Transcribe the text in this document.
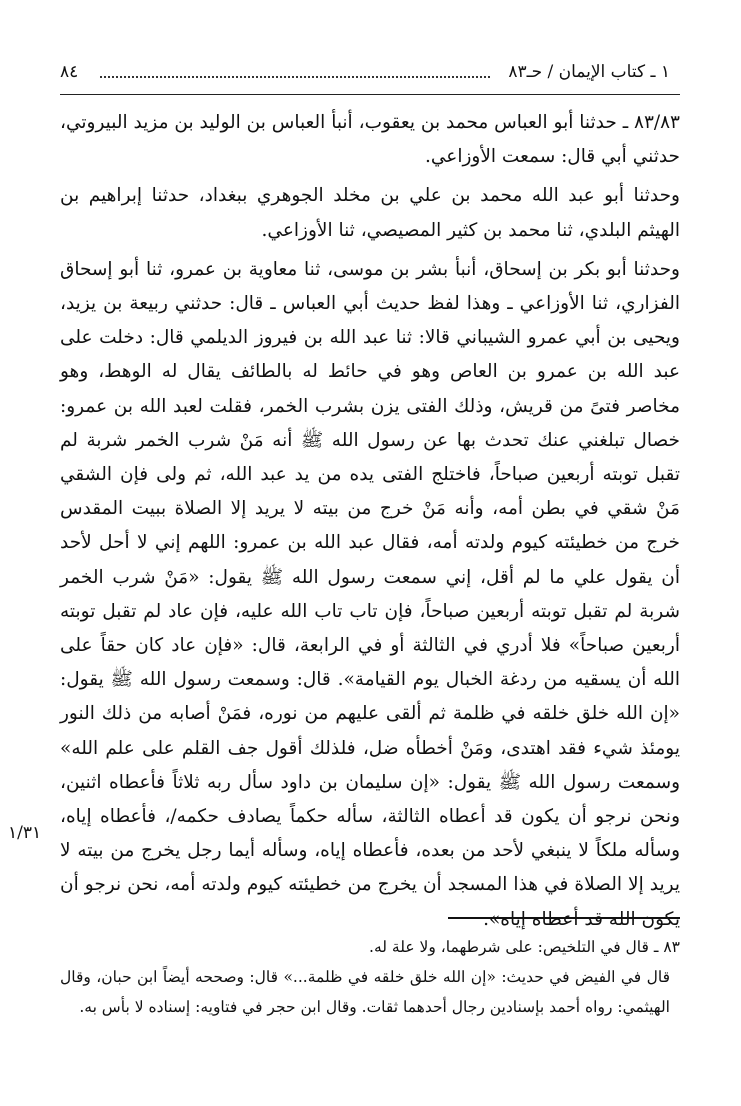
١ ـ كتاب الإيمان / حـ٨٣
٨٤

٨٣/٨٣ ـ حدثنا أبو العباس محمد بن يعقوب، أنبأ العباس بن الوليد بن مزيد البيروتي، حدثني أبي قال: سمعت الأوزاعي.

وحدثنا أبو عبد الله محمد بن علي بن مخلد الجوهري ببغداد، حدثنا إبراهيم بن الهيثم البلدي، ثنا محمد بن كثير المصيصي، ثنا الأوزاعي.

وحدثنا أبو بكر بن إسحاق، أنبأ بشر بن موسى، ثنا معاوية بن عمرو، ثنا أبو إسحاق الفزاري، ثنا الأوزاعي ـ وهذا لفظ حديث أبي العباس ـ قال: حدثني ربيعة بن يزيد، ويحيى بن أبي عمرو الشيباني قالا: ثنا عبد الله بن فيروز الديلمي قال: دخلت على عبد الله بن عمرو بن العاص وهو في حائط له بالطائف يقال له الوهط، وهو مخاصر فتىً من قريش، وذلك الفتى يزن بشرب الخمر، فقلت لعبد الله بن عمرو: خصال تبلغني عنك تحدث بها عن رسول الله ﷺ أنه مَنْ شرب الخمر شربة لم تقبل توبته أربعين صباحاً، فاختلج الفتى يده من يد عبد الله، ثم ولى فإن الشقي مَنْ شقي في بطن أمه، وأنه مَنْ خرج من بيته لا يريد إلا الصلاة ببيت المقدس خرج من خطيئته كيوم ولدته أمه، فقال عبد الله بن عمرو: اللهم إني لا أحل لأحد أن يقول علي ما لم أقل، إني سمعت رسول الله ﷺ يقول: «مَنْ شرب الخمر شربة لم تقبل توبته أربعين صباحاً، فإن تاب تاب الله عليه، فإن عاد لم تقبل توبته أربعين صباحاً» فلا أدري في الثالثة أو في الرابعة، قال: «فإن عاد كان حقاً على الله أن يسقيه من ردغة الخبال يوم القيامة». قال: وسمعت رسول الله ﷺ يقول: «إن الله خلق خلقه في ظلمة ثم ألقى عليهم من نوره، فمَنْ أصابه من ذلك النور يومئذ شيء فقد اهتدى، ومَنْ أخطأه ضل، فلذلك أقول جف القلم على علم الله» وسمعت رسول الله ﷺ يقول: «إن سليمان بن داود سأل ربه ثلاثاً فأعطاه اثنين، ونحن نرجو أن يكون قد أعطاه الثالثة، سأله حكماً يصادف حكمه/، فأعطاه إياه، وسأله ملكاً لا ينبغي لأحد من بعده، فأعطاه إياه، وسأله أيما رجل يخرج من بيته لا يريد إلا الصلاة في هذا المسجد أن يخرج من خطيئته كيوم ولدته أمه، نحن نرجو أن يكون الله قد أعطاه إياه».

١/٣١

٨٣ ـ قال في التلخيص: على شرطهما، ولا علة له.

قال في الفيض في حديث: «إن الله خلق خلقه في ظلمة...» قال: وصححه أيضاً ابن حبان، وقال الهيثمي: رواه أحمد بإسنادين رجال أحدهما ثقات. وقال ابن حجر في فتاويه: إسناده لا بأس به.
